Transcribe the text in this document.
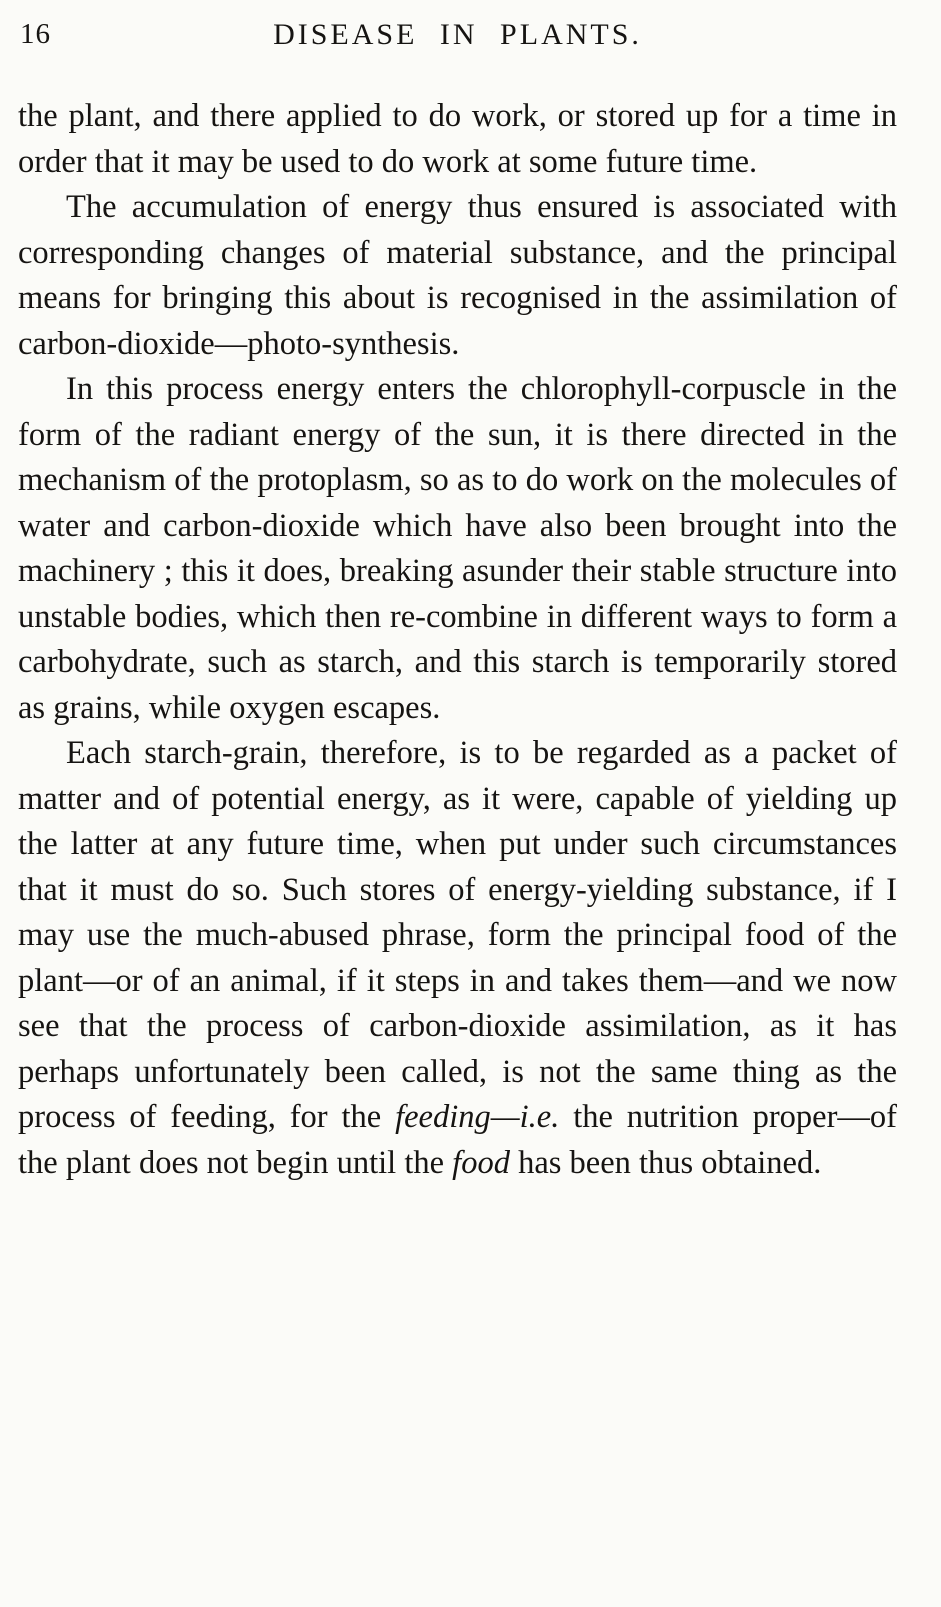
16	DISEASE IN PLANTS.

the plant, and there applied to do work, or stored up for a time in order that it may be used to do work at some future time.

The accumulation of energy thus ensured is associated with corresponding changes of material substance, and the principal means for bringing this about is recognised in the assimilation of carbon-dioxide—photo-synthesis.

In this process energy enters the chlorophyll-corpuscle in the form of the radiant energy of the sun, it is there directed in the mechanism of the protoplasm, so as to do work on the molecules of water and carbon-dioxide which have also been brought into the machinery ; this it does, breaking asunder their stable structure into unstable bodies, which then re-combine in different ways to form a carbohydrate, such as starch, and this starch is temporarily stored as grains, while oxygen escapes.

Each starch-grain, therefore, is to be regarded as a packet of matter and of potential energy, as it were, capable of yielding up the latter at any future time, when put under such circumstances that it must do so. Such stores of energy-yielding substance, if I may use the much-abused phrase, form the principal food of the plant—or of an animal, if it steps in and takes them—and we now see that the process of carbon-dioxide assimilation, as it has perhaps unfortunately been called, is not the same thing as the process of feeding, for the feeding—i.e. the nutrition proper—of the plant does not begin until the food has been thus obtained.
